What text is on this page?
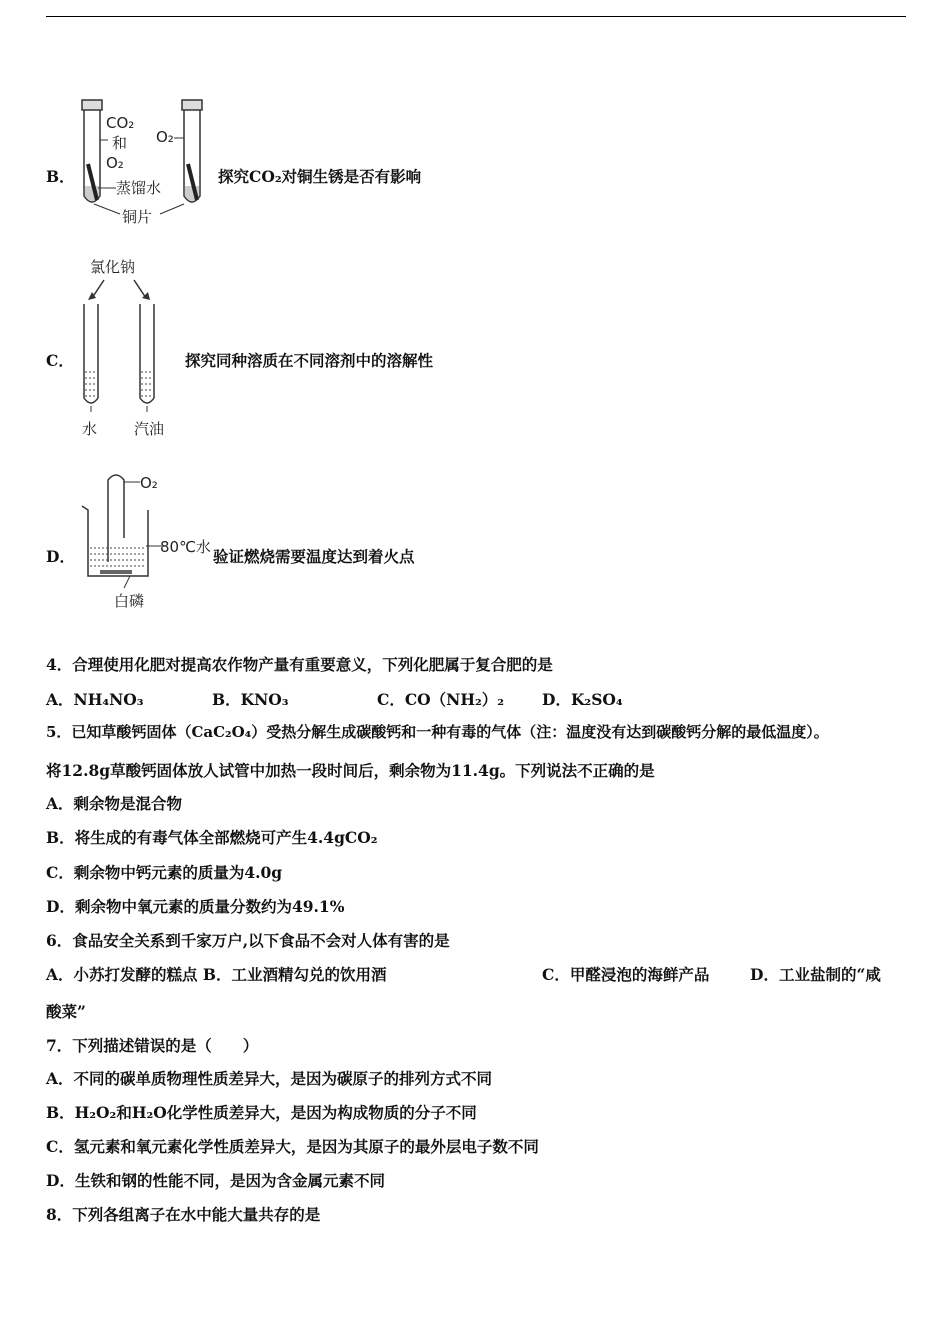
B．
CO₂
和
O₂
蒸馏水
O₂
铜片
探究CO₂对铜生锈是否有影响
C．
氯化钠
水 汽油
探究同种溶质在不同溶剂中的溶解性
D．
O₂
80℃水
白磷
验证燃烧需要温度达到着火点
4．合理使用化肥对提高农作物产量有重要意义，下列化肥属于复合肥的是
A．NH₄NO₃	B．KNO₃	C．CO（NH₂）₂ D．K₂SO₄
5．已知草酸钙固体（CaC₂O₄）受热分解生成碳酸钙和一种有毒的气体（注：温度没有达到碳酸钙分解的最低温度）。
将12.8g草酸钙固体放人试管中加热一段时间后，剩余物为11.4g。下列说法不正确的是
A．剩余物是混合物
B．将生成的有毒气体全部燃烧可产生4.4gCO₂
C．剩余物中钙元素的质量为4.0g
D．剩余物中氧元素的质量分数约为49.1%
6．食品安全关系到千家万户,以下食品不会对人体有害的是
A．小苏打发酵的糕点 B．工业酒精勾兑的饮用酒	C．甲醛浸泡的海鲜产品	D．工业盐制的“咸
酸菜”
7．下列描述错误的是（　　）
A．不同的碳单质物理性质差异大，是因为碳原子的排列方式不同
B．H₂O₂和H₂O化学性质差异大，是因为构成物质的分子不同
C．氢元素和氧元素化学性质差异大，是因为其原子的最外层电子数不同
D．生铁和钢的性能不同，是因为含金属元素不同
8．下列各组离子在水中能大量共存的是
